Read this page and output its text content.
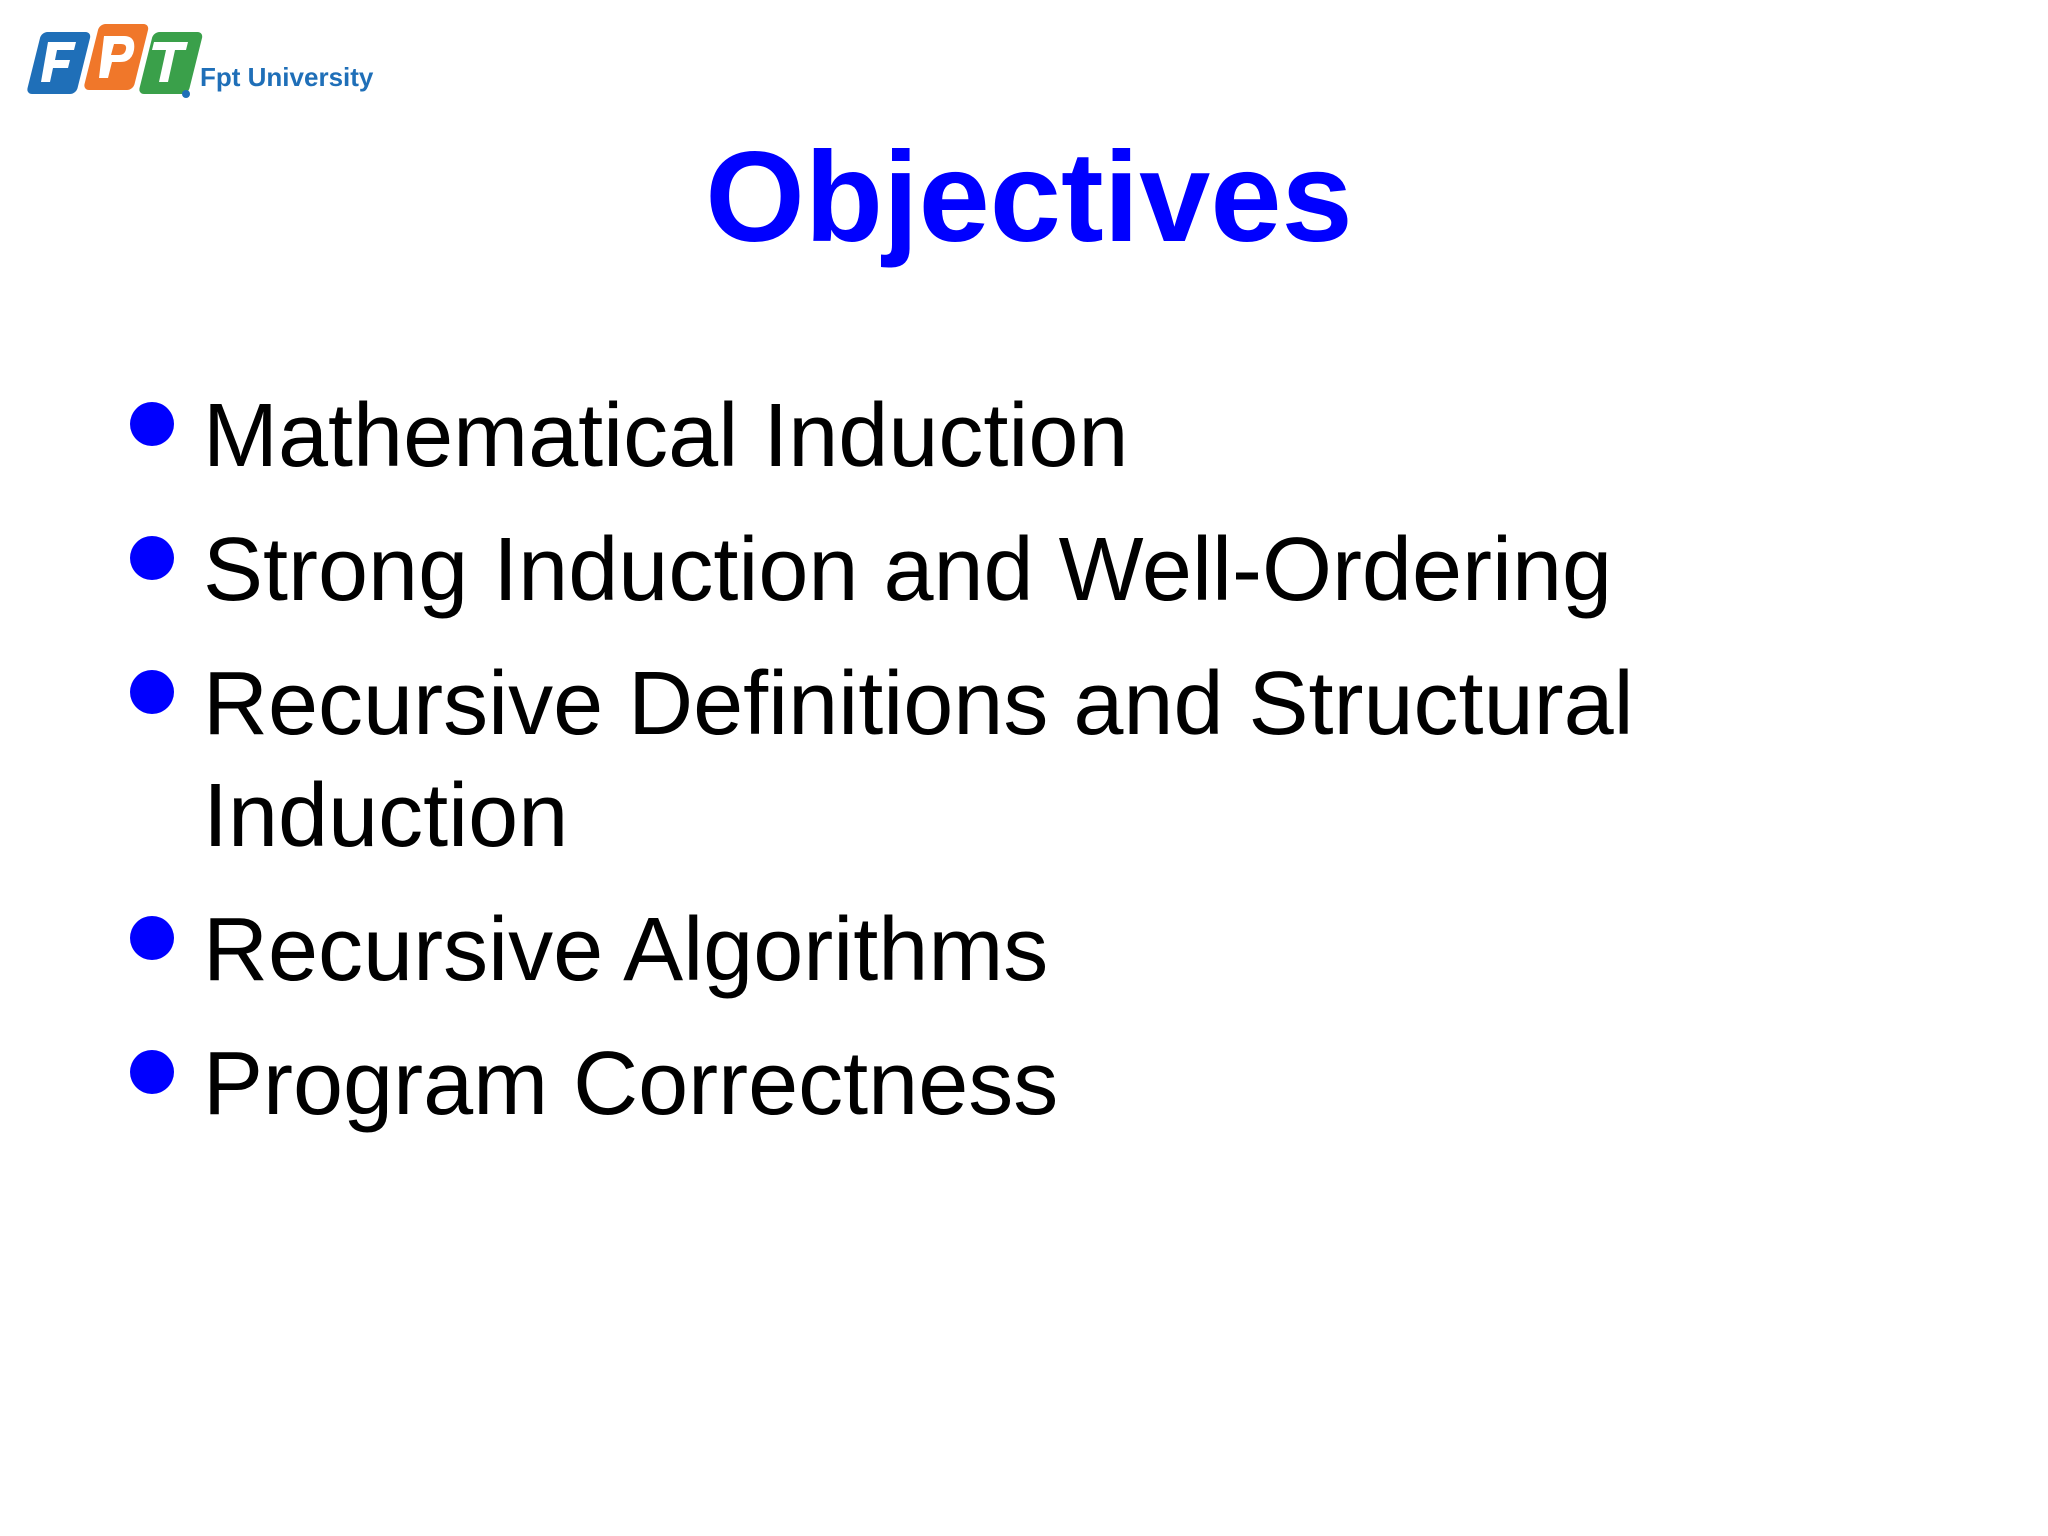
Fpt University
Objectives
Mathematical Induction
Strong Induction and Well-Ordering
Recursive Definitions and Structural Induction
Recursive Algorithms
Program Correctness
